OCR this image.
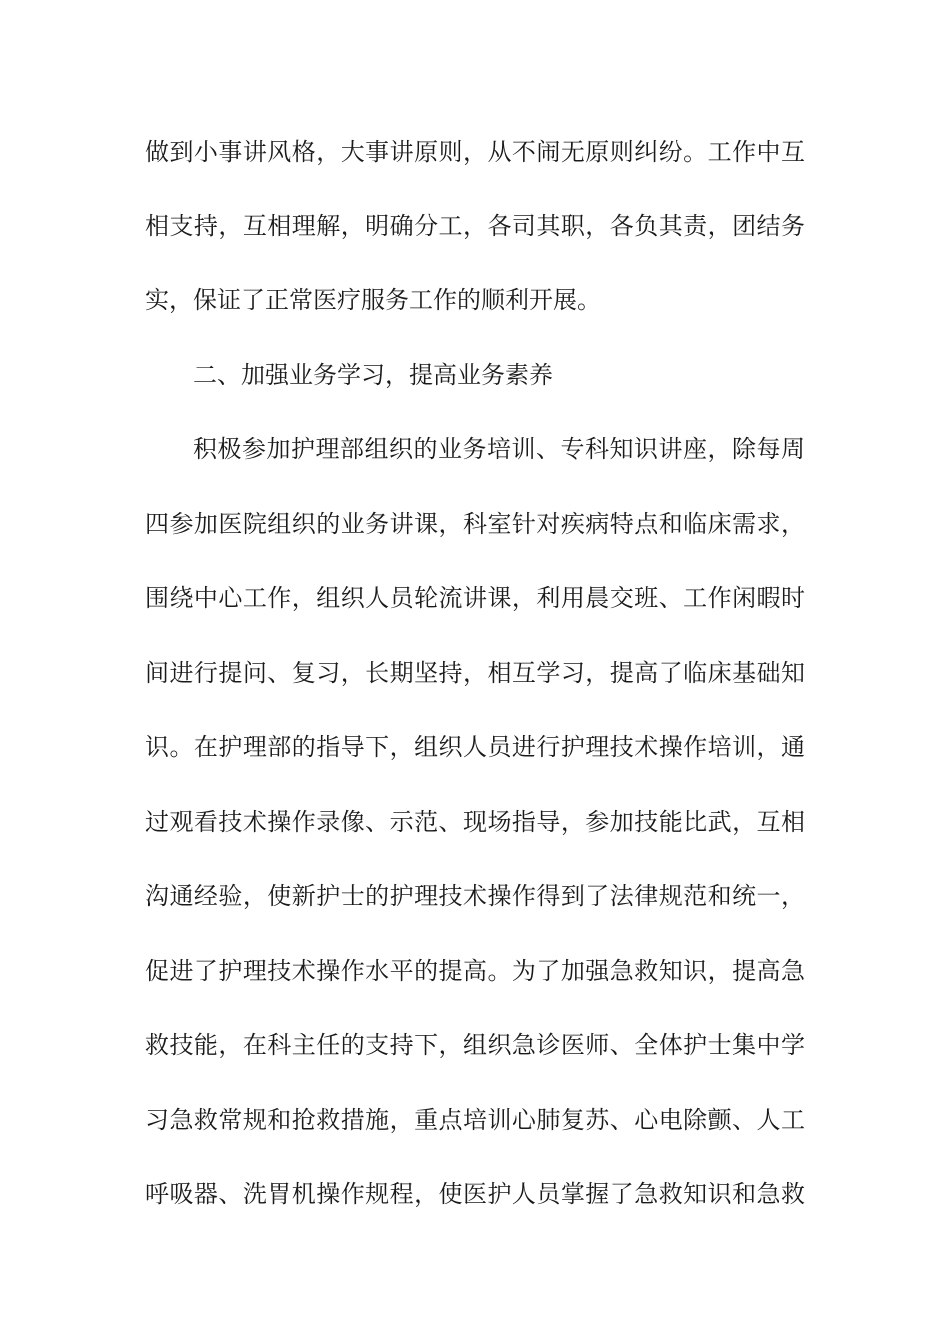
做到小事讲风格，大事讲原则，从不闹无原则纠纷。工作中互
相支持，互相理解，明确分工，各司其职，各负其责，团结务
实，保证了正常医疗服务工作的顺利开展。
二、加强业务学习，提高业务素养
积极参加护理部组织的业务培训、专科知识讲座，除每周
四参加医院组织的业务讲课，科室针对疾病特点和临床需求，
围绕中心工作，组织人员轮流讲课，利用晨交班、工作闲暇时
间进行提问、复习，长期坚持，相互学习，提高了临床基础知
识。在护理部的指导下，组织人员进行护理技术操作培训，通
过观看技术操作录像、示范、现场指导，参加技能比武，互相
沟通经验，使新护士的护理技术操作得到了法律规范和统一，
促进了护理技术操作水平的提高。为了加强急救知识，提高急
救技能，在科主任的支持下，组织急诊医师、全体护士集中学
习急救常规和抢救措施，重点培训心肺复苏、心电除颤、人工
呼吸器、洗胃机操作规程，使医护人员掌握了急救知识和急救
